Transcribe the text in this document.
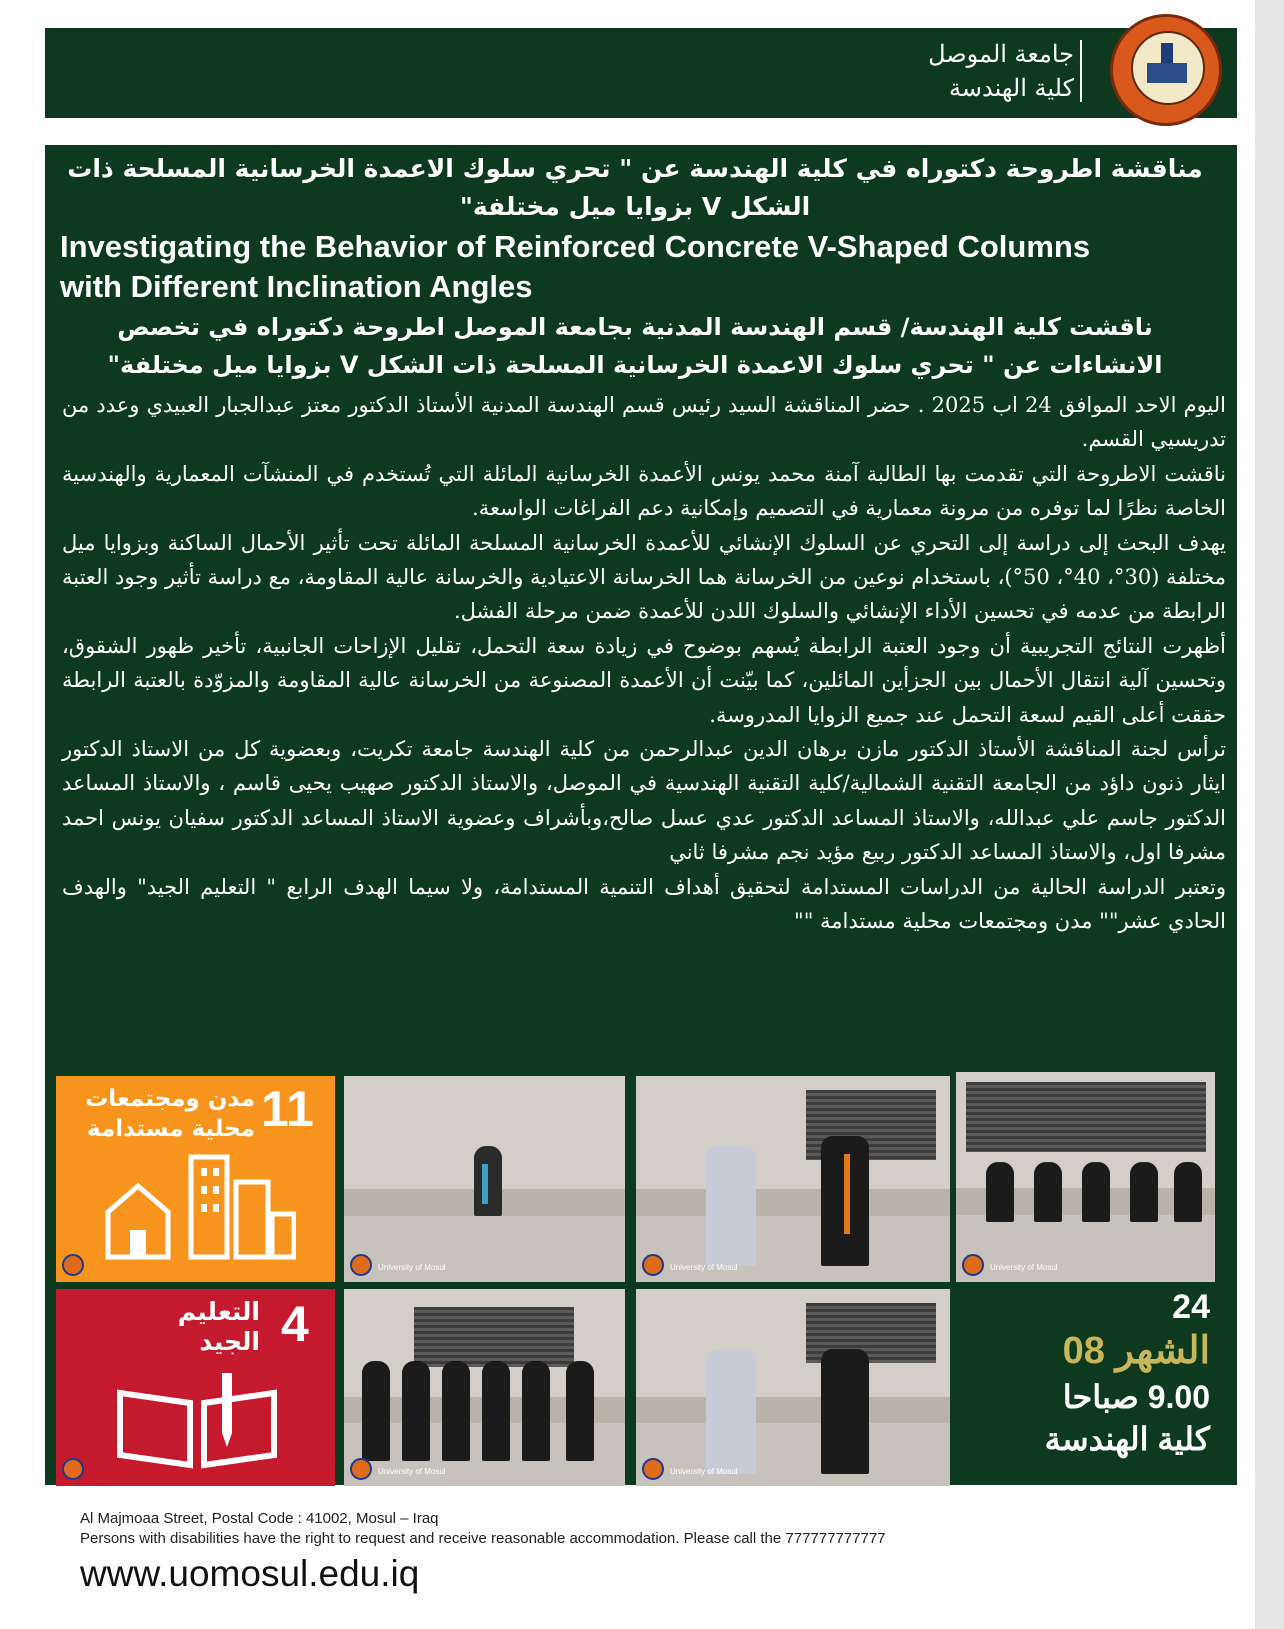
جامعة الموصل
كلية الهندسة
مناقشة اطروحة دكتوراه في كلية الهندسة عن " تحري سلوك الاعمدة الخرسانية المسلحة ذات الشكل V بزوايا ميل مختلفة"
Investigating the Behavior of Reinforced Concrete V-Shaped Columns with Different Inclination Angles
ناقشت كلية الهندسة/ قسم الهندسة المدنية بجامعة الموصل اطروحة دكتوراه في تخصص الانشاءات عن " تحري سلوك الاعمدة الخرسانية المسلحة ذات الشكل V بزوايا ميل مختلفة"

اليوم الاحد الموافق 24 اب 2025 . حضر المناقشة السيد رئيس قسم الهندسة المدنية الأستاذ الدكتور معتز عبدالجبار العبيدي وعدد من تدريسيي القسم.

ناقشت الاطروحة التي تقدمت بها الطالبة آمنة محمد يونس الأعمدة الخرسانية المائلة التي تُستخدم في المنشآت المعمارية والهندسية الخاصة نظرًا لما توفره من مرونة معمارية في التصميم وإمكانية دعم الفراغات الواسعة.

يهدف البحث إلى دراسة إلى التحري عن السلوك الإنشائي للأعمدة الخرسانية المسلحة المائلة تحت تأثير الأحمال الساكنة وبزوايا ميل مختلفة (30°، 40°، 50°)، باستخدام نوعين من الخرسانة هما الخرسانة الاعتيادية والخرسانة عالية المقاومة، مع دراسة تأثير وجود العتبة الرابطة من عدمه في تحسين الأداء الإنشائي والسلوك اللدن للأعمدة ضمن مرحلة الفشل.

أظهرت النتائج التجريبية أن وجود العتبة الرابطة يُسهم بوضوح في زيادة سعة التحمل، تقليل الإزاحات الجانبية، تأخير ظهور الشقوق، وتحسين آلية انتقال الأحمال بين الجزأين المائلين، كما بيّنت أن الأعمدة المصنوعة من الخرسانة عالية المقاومة والمزوّدة بالعتبة الرابطة حققت أعلى القيم لسعة التحمل عند جميع الزوايا المدروسة.

ترأس لجنة المناقشة الأستاذ الدكتور مازن برهان الدين عبدالرحمن من كلية الهندسة جامعة تكريت، وبعضوية كل من الاستاذ الدكتور ايثار ذنون داؤد من الجامعة التقنية الشمالية/كلية التقنية الهندسية في الموصل، والاستاذ الدكتور صهيب يحيى قاسم ، والاستاذ المساعد الدكتور جاسم علي عبدالله، والاستاذ المساعد الدكتور عدي عسل صالح،وبأشراف وعضوية الاستاذ المساعد الدكتور سفيان يونس احمد مشرفا اول، والاستاذ المساعد الدكتور ربيع مؤيد نجم مشرفا ثاني

وتعتبر الدراسة الحالية من الدراسات المستدامة لتحقيق أهداف التنمية المستدامة، ولا سيما الهدف الرابع " التعليم الجيد" والهدف الحادي عشر"" مدن ومجتمعات محلية مستدامة ""

11
مدن ومجتمعات محلية مستدامة
4
التعليم الجيد
University of Mosul	University of Mosul	University of Mosul
University of Mosul	University of Mosul
24
الشهر 08
9.00 صباحا
كلية الهندسة
Al Majmoaa Street, Postal Code : 41002, Mosul – Iraq
Persons with disabilities have the right to request and receive reasonable accommodation. Please call the 777777777777
www.uomosul.edu.iq
